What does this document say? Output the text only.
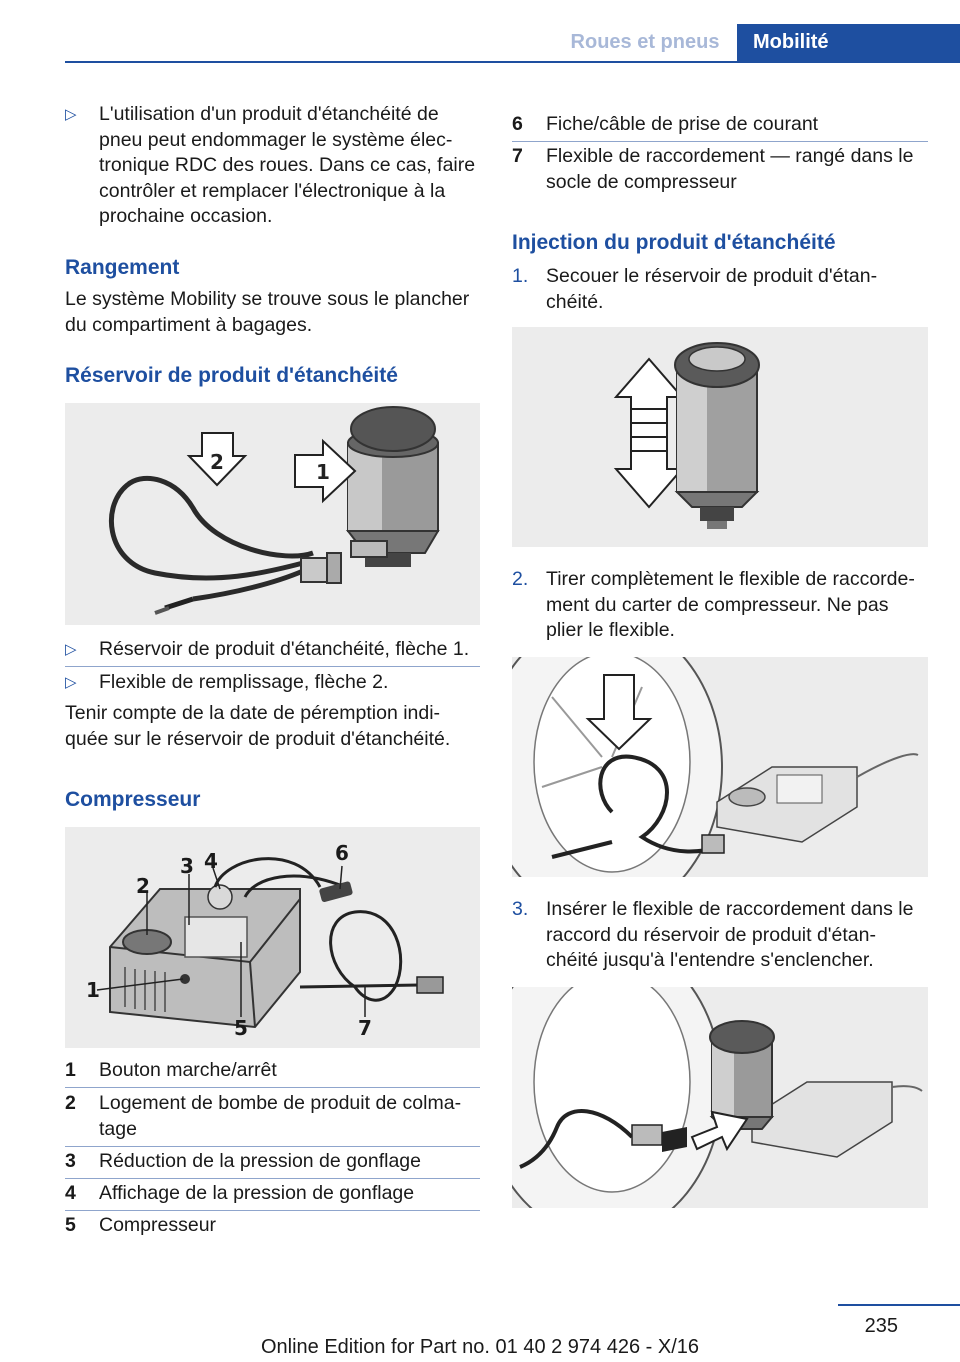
Roues et pneus	Mobilité
▷ L'utilisation d'un produit d'étanchéité de
pneu peut endommager le système élec-
tronique RDC des roues. Dans ce cas, faire
contrôler et remplacer l'électronique à la
prochaine occasion.
Rangement
Le système Mobility se trouve sous le plancher
du compartiment à bagages.
Réservoir de produit d'étanchéité
2	1
▷ Réservoir de produit d'étanchéité, flèche 1.
▷ Flexible de remplissage, flèche 2.
Tenir compte de la date de péremption indi-
quée sur le réservoir de produit d'étanchéité.
Compresseur
1
2
3 4
5
6
7
1 Bouton marche/arrêt
2 Logement de bombe de produit de colma-
tage
3 Réduction de la pression de gonflage
4 Affichage de la pression de gonflage
5 Compresseur
6 Fiche/câble de prise de courant
7 Flexible de raccordement — rangé dans le
socle de compresseur
Injection du produit d'étanchéité
1. Secouer le réservoir de produit d'étan-
chéité.
2. Tirer complètement le flexible de raccorde-
ment du carter de compresseur. Ne pas
plier le flexible.
3. Insérer le flexible de raccordement dans le
raccord du réservoir de produit d'étan-
chéité jusqu'à l'entendre s'enclencher.
235
Online Edition for Part no. 01 40 2 974 426 - X/16
